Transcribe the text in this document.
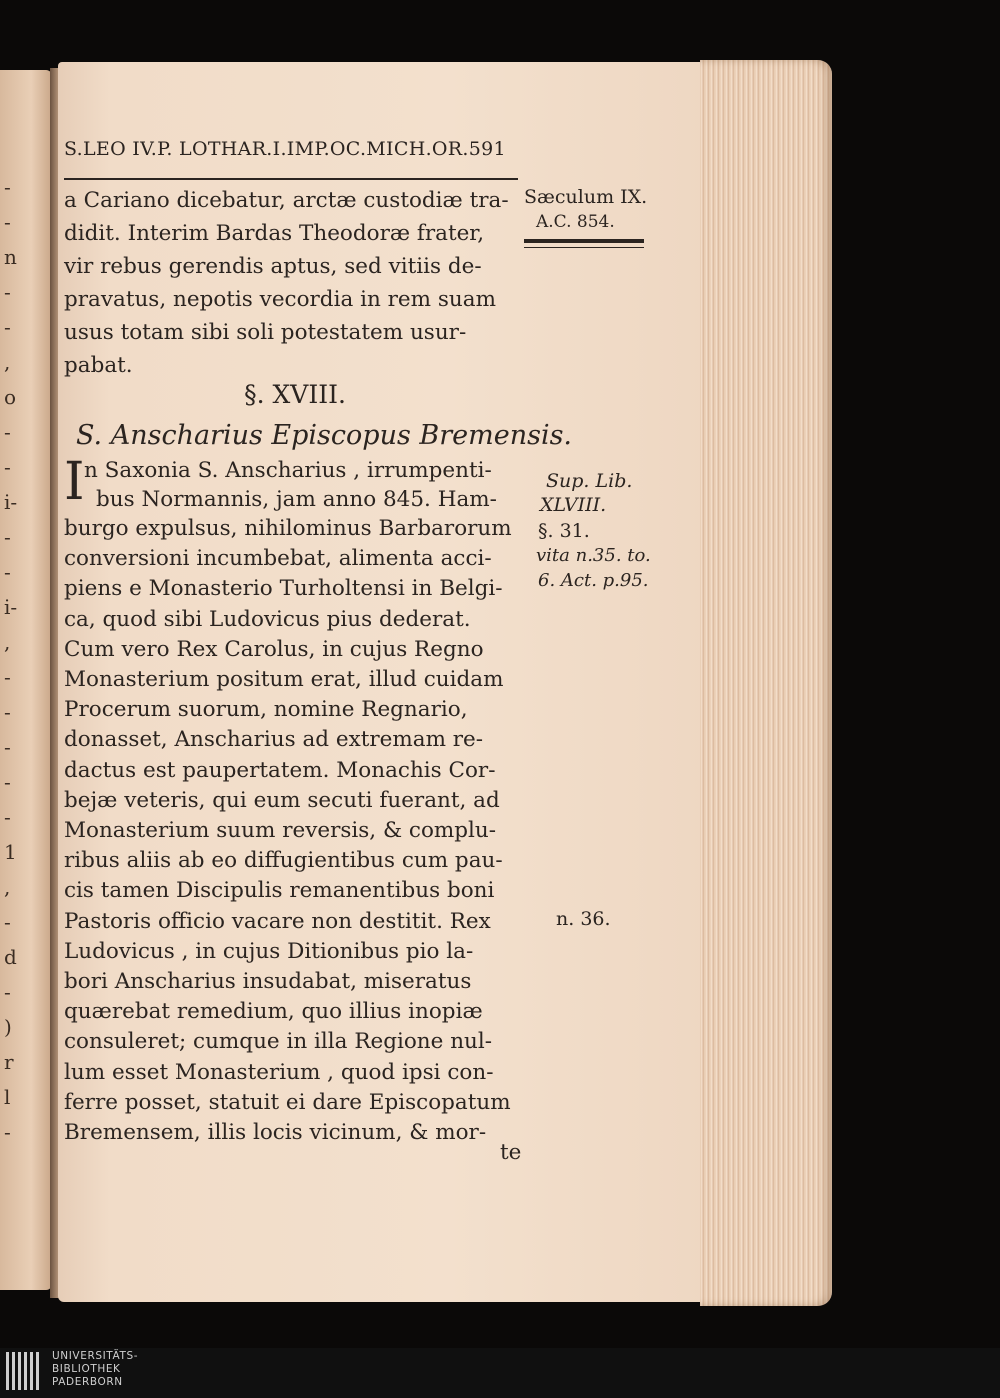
-
-
n
-
-
,
o
-
-
i-
-
-
i-
,
-
-
-
-
-
1
,
-
d
-
)
r
l
-
S.LEO IV.P. LOTHAR.I.IMP.OC.MICH.OR.591
a Cariano dicebatur, arctæ custodiæ tra-
didit. Interim Bardas Theodoræ frater,
vir rebus gerendis aptus, sed vitiis de-
pravatus, nepotis vecordia in rem suam
usus totam sibi soli potestatem usur-
pabat.
§. XVIII.
S. Anscharius Episcopus Bremensis.
I n Saxonia S. Anscharius , irrumpenti-
bus Normannis, jam anno 845. Ham-
burgo expulsus, nihilominus Barbarorum
conversioni incumbebat, alimenta acci-
piens e Monasterio Turholtensi in Belgi-
ca, quod sibi Ludovicus pius dederat.
Cum vero Rex Carolus, in cujus Regno
Monasterium positum erat, illud cuidam
Procerum suorum, nomine Regnario,
donasset, Anscharius ad extremam re-
dactus est paupertatem. Monachis Cor-
bejæ veteris, qui eum secuti fuerant, ad
Monasterium suum reversis, & complu-
ribus aliis ab eo diffugientibus cum pau-
cis tamen Discipulis remanentibus boni
Pastoris officio vacare non destitit. Rex
Ludovicus , in cujus Ditionibus pio la-
bori Anscharius insudabat, miseratus
quærebat remedium, quo illius inopiæ
consuleret; cumque in illa Regione nul-
lum esset Monasterium , quod ipsi con-
ferre posset, statuit ei dare Episcopatum
Bremensem, illis locis vicinum, & mor-
te
Sæculum IX.
A.C. 854.
Sup. Lib.
XLVIII.
§. 31.
vita n.35. to.
6. Act. p.95.
n. 36.
UNIVERSITÄTS-
BIBLIOTHEK
PADERBORN
